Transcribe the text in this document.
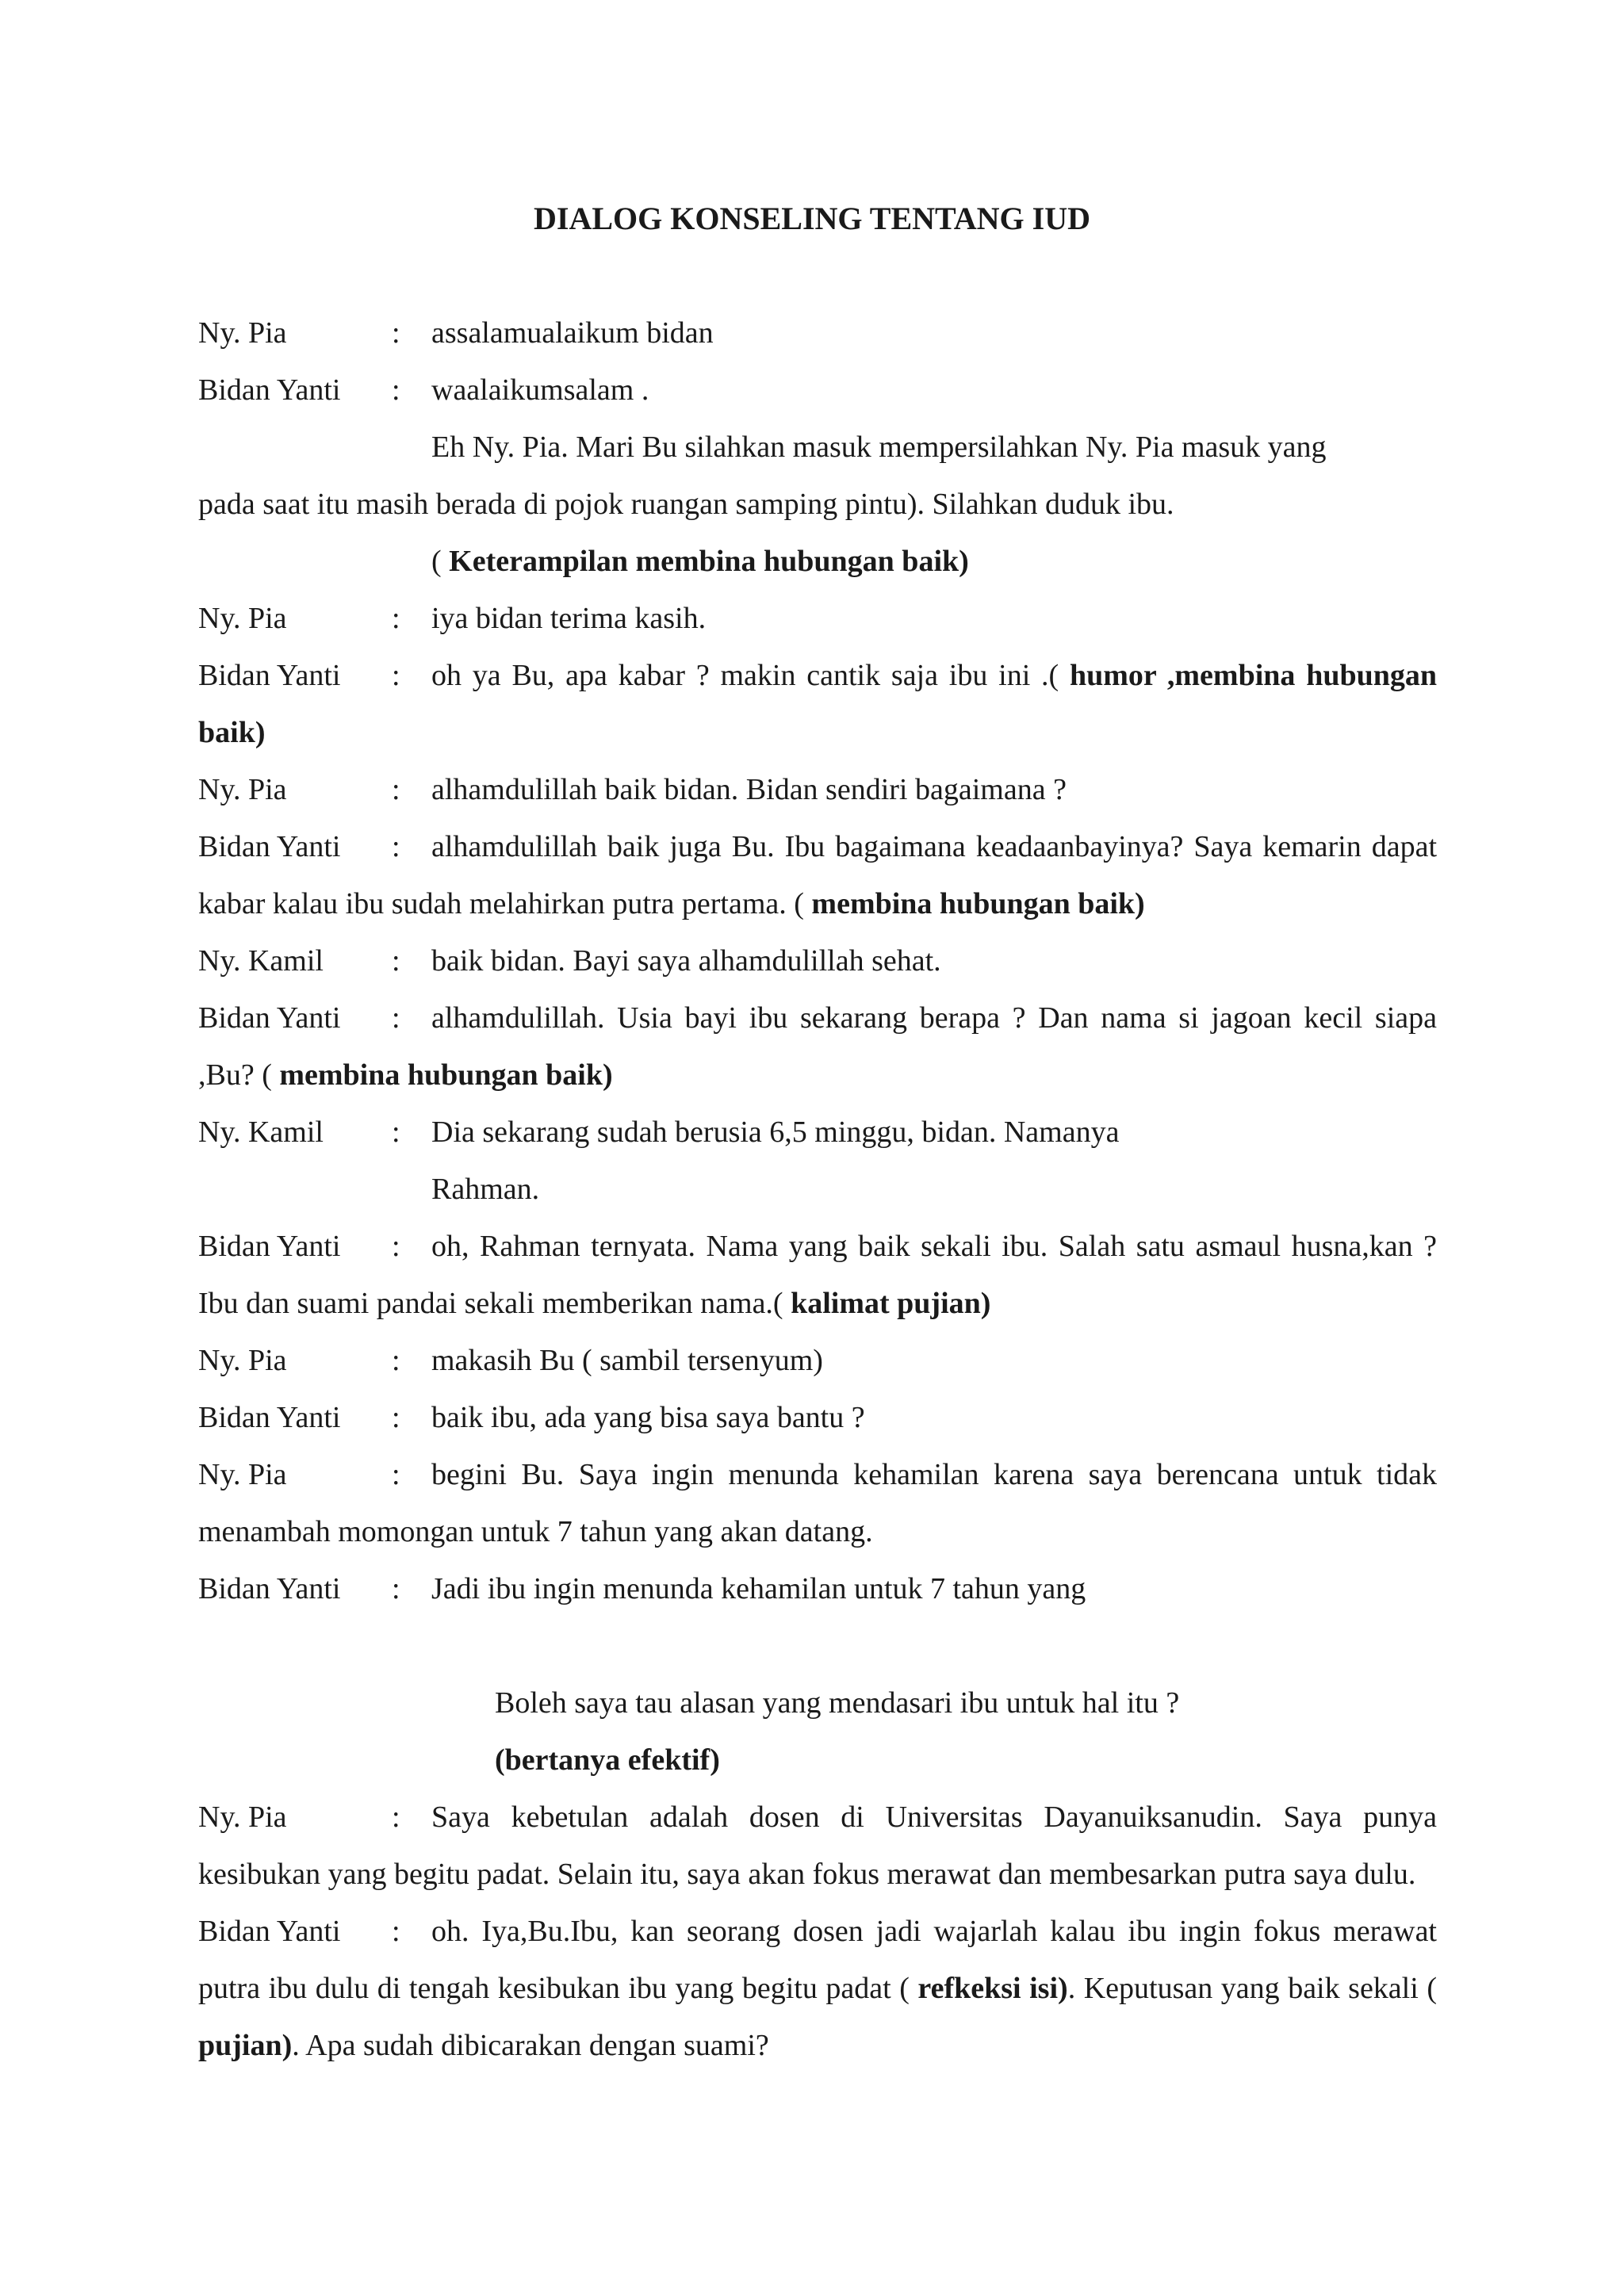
DIALOG KONSELING TENTANG IUD
Ny. Pia	:	assalamualaikum bidan

Bidan Yanti :	waalaikumsalam .

Eh Ny. Pia. Mari Bu silahkan masuk mempersilahkan Ny. Pia masuk yang

pada saat itu masih berada di pojok ruangan samping pintu). Silahkan duduk ibu.

( Keterampilan membina hubungan baik)

Ny. Pia	:	iya bidan terima kasih.

Bidan Yanti :	oh ya Bu, apa kabar ? makin cantik saja ibu ini .( humor ,membina hubungan baik)

Ny. Pia	:	alhamdulillah baik bidan. Bidan sendiri bagaimana ?

Bidan Yanti :	alhamdulillah baik juga Bu. Ibu bagaimana keadaanbayinya? Saya kemarin dapat kabar kalau ibu sudah melahirkan putra pertama. ( membina hubungan baik)

Ny. Kamil :	baik bidan. Bayi saya alhamdulillah sehat.

Bidan Yanti :	alhamdulillah. Usia bayi ibu sekarang berapa ? Dan nama si jagoan kecil siapa ,Bu? ( membina hubungan baik)

Ny. Kamil :	Dia sekarang sudah berusia 6,5 minggu, bidan. Namanya

Rahman.

Bidan Yanti :	oh, Rahman ternyata. Nama yang baik sekali ibu. Salah satu asmaul husna,kan ? Ibu dan suami pandai sekali memberikan nama.( kalimat pujian)

Ny. Pia	:	makasih Bu ( sambil tersenyum)

Bidan Yanti :	baik ibu, ada yang bisa saya bantu ?

Ny. Pia	:	begini Bu. Saya ingin menunda kehamilan karena saya berencana untuk tidak menambah momongan untuk 7 tahun yang akan datang.

Bidan Yanti :	Jadi ibu ingin menunda kehamilan untuk 7 tahun yang

Boleh saya tau alasan yang mendasari ibu untuk hal itu ?

(bertanya efektif)

Ny. Pia	:	Saya kebetulan adalah dosen di Universitas Dayanuiksanudin. Saya punya kesibukan yang begitu padat. Selain itu, saya akan fokus merawat dan membesarkan putra saya dulu.

Bidan Yanti :	oh. Iya,Bu.Ibu, kan seorang dosen jadi wajarlah kalau ibu ingin fokus merawat putra ibu dulu di tengah kesibukan ibu yang begitu padat ( refkeksi isi). Keputusan yang baik sekali ( pujian). Apa sudah dibicarakan dengan suami?
